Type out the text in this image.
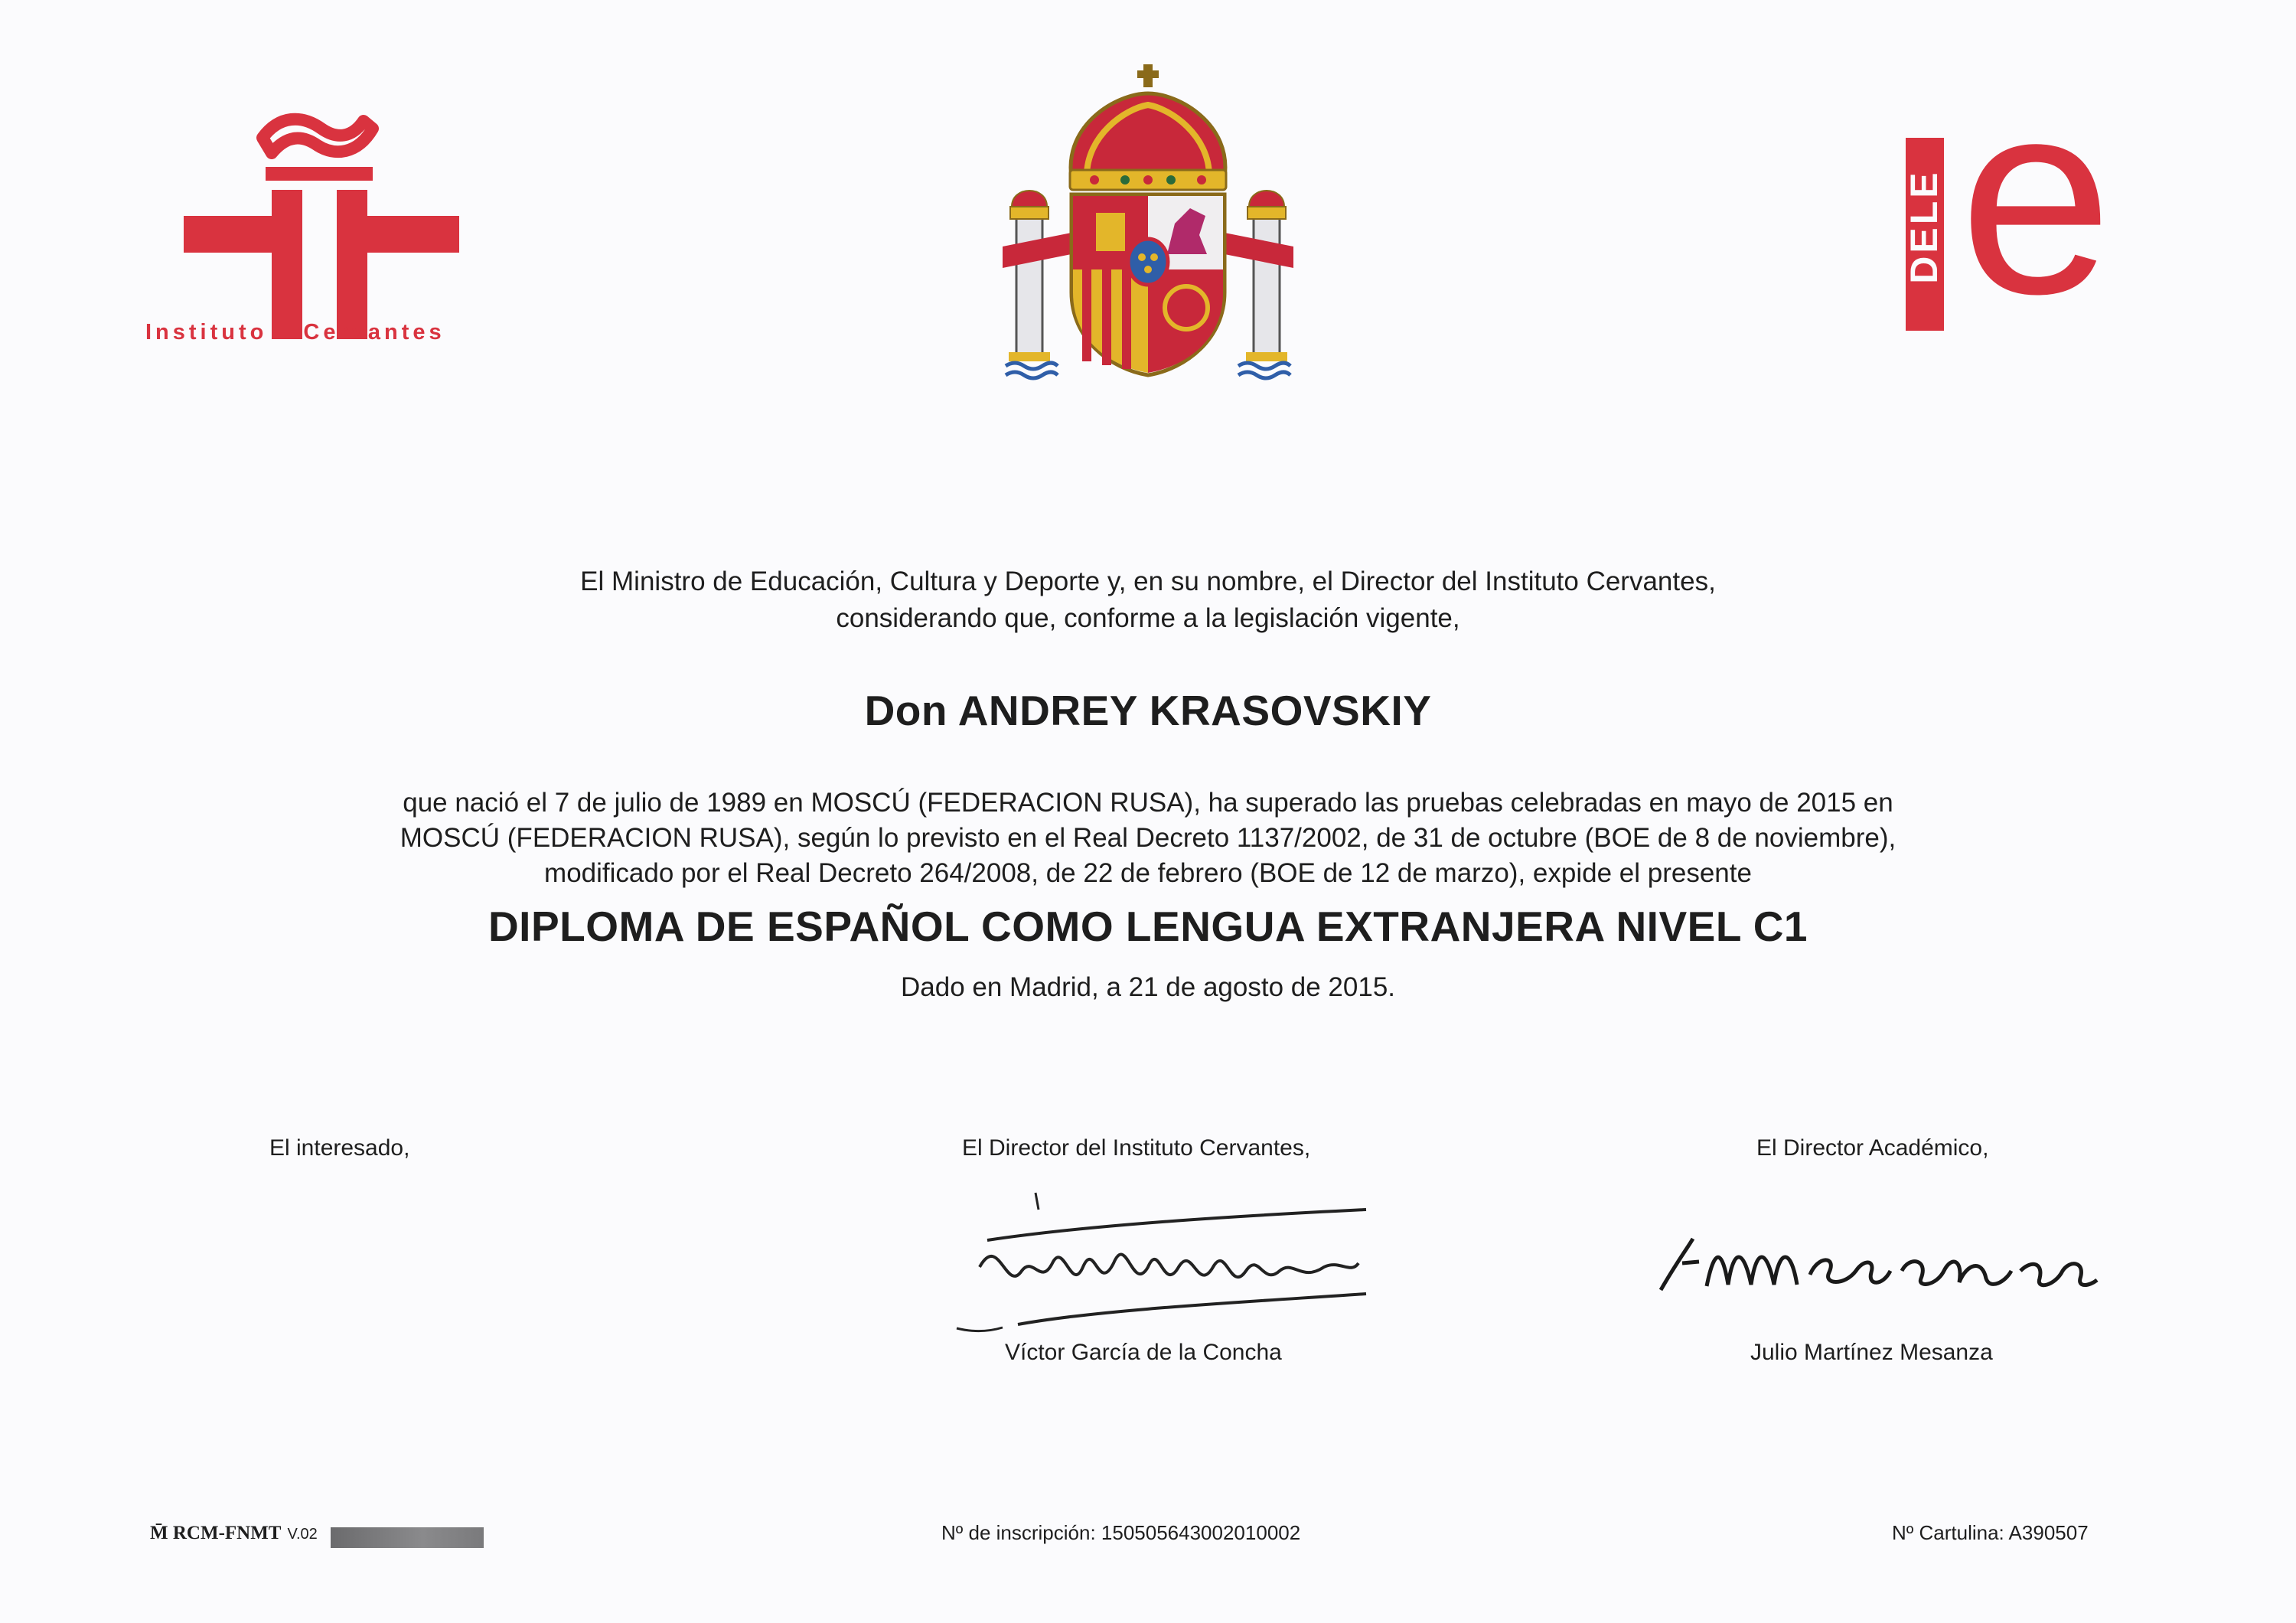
Instituto Cervantes
DELE e
El Ministro de Educación, Cultura y Deporte y, en su nombre, el Director del Instituto Cervantes,
considerando que, conforme a la legislación vigente,
Don ANDREY KRASOVSKIY
que nació el 7 de julio de 1989 en MOSCÚ (FEDERACION RUSA), ha superado las pruebas celebradas en mayo de 2015 en
MOSCÚ (FEDERACION RUSA), según lo previsto en el Real Decreto 1137/2002, de 31 de octubre (BOE de 8 de noviembre),
modificado por el Real Decreto 264/2008, de 22 de febrero (BOE de 12 de marzo), expide el presente
DIPLOMA DE ESPAÑOL COMO LENGUA EXTRANJERA NIVEL C1
Dado en Madrid, a 21 de agosto de 2015.
El interesado,	El Director del Instituto Cervantes,	El Director Académico,
Víctor García de la Concha	Julio Martínez Mesanza
M̄ RCM-FNMT V.02	Nº de inscripción: 150505643002010002	Nº Cartulina: A390507
